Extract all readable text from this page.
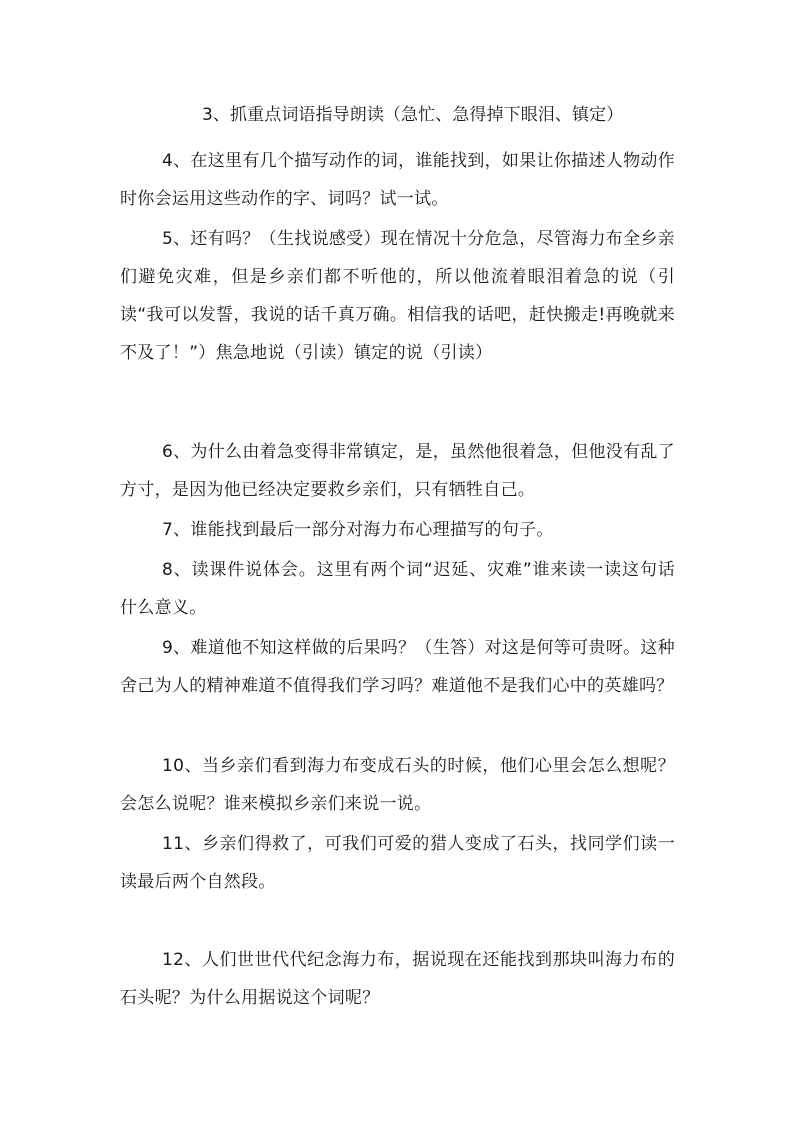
3、抓重点词语指导朗读（急忙、急得掉下眼泪、镇定）

4、在这里有几个描写动作的词，谁能找到，如果让你描述人物动作时你会运用这些动作的字、词吗？试一试。

5、还有吗？（生找说感受）现在情况十分危急，尽管海力布全乡亲们避免灾难，但是乡亲们都不听他的，所以他流着眼泪着急的说（引读“我可以发誓，我说的话千真万确。相信我的话吧，赶快搬走!再晚就来不及了！”）焦急地说（引读）镇定的说（引读）

6、为什么由着急变得非常镇定，是，虽然他很着急，但他没有乱了方寸，是因为他已经决定要救乡亲们，只有牺牲自己。

7、谁能找到最后一部分对海力布心理描写的句子。

8、读课件说体会。这里有两个词“迟延、灾难”谁来读一读这句话什么意义。

9、难道他不知这样做的后果吗？（生答）对这是何等可贵呀。这种舍己为人的精神难道不值得我们学习吗？难道他不是我们心中的英雄吗？

10、当乡亲们看到海力布变成石头的时候，他们心里会怎么想呢？会怎么说呢？谁来模拟乡亲们来说一说。

11、乡亲们得救了，可我们可爱的猎人变成了石头，找同学们读一读最后两个自然段。

12、人们世世代代纪念海力布，据说现在还能找到那块叫海力布的石头呢？为什么用据说这个词呢？
